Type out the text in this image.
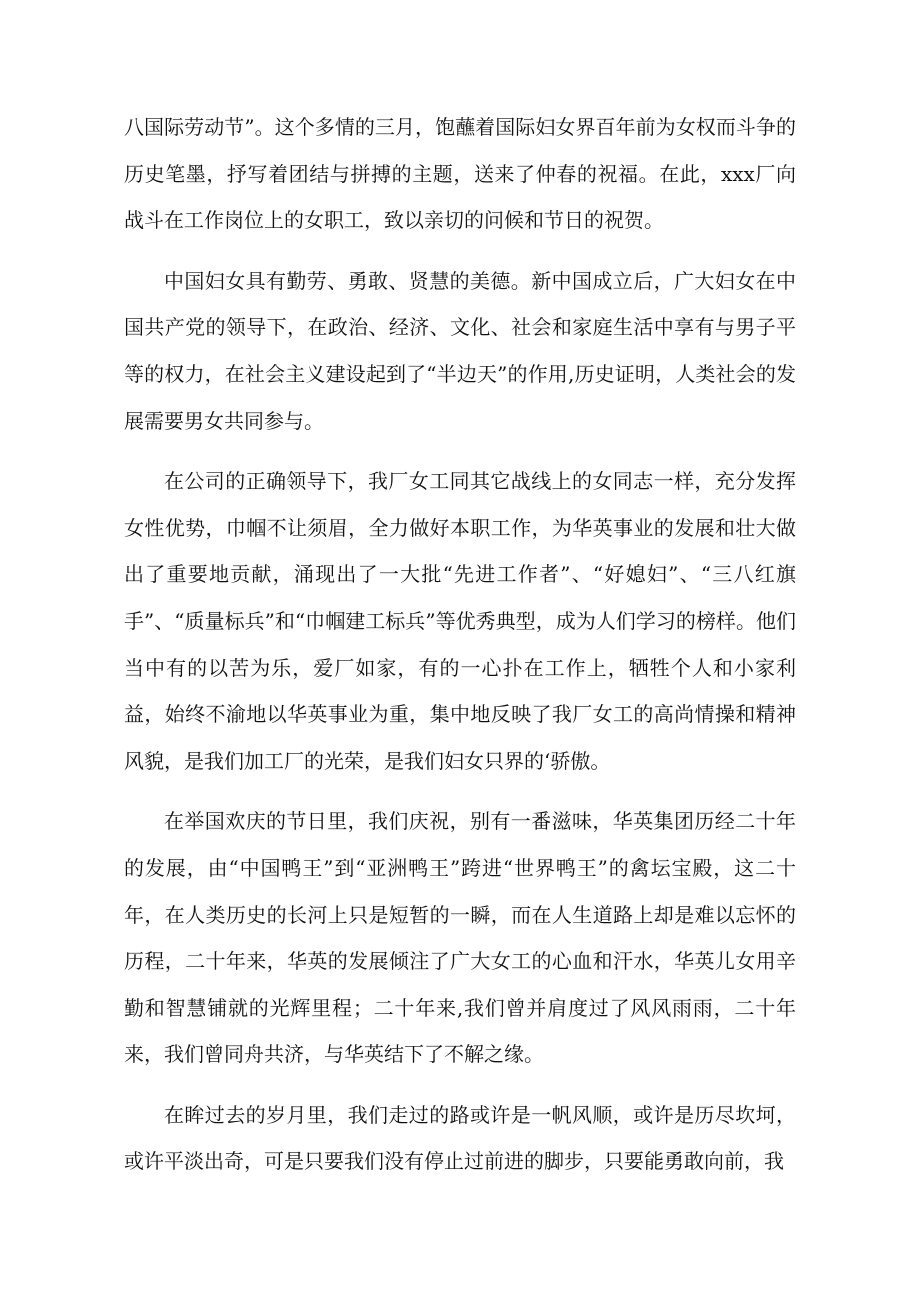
八国际劳动节”。这个多情的三月，饱蘸着国际妇女界百年前为女权而斗争的历史笔墨，抒写着团结与拼搏的主题，送来了仲春的祝福。在此，xxx厂向战斗在工作岗位上的女职工，致以亲切的问候和节日的祝贺。

中国妇女具有勤劳、勇敢、贤慧的美德。新中国成立后，广大妇女在中国共产党的领导下，在政治、经济、文化、社会和家庭生活中享有与男子平等的权力，在社会主义建设起到了“半边天”的作用,历史证明，人类社会的发展需要男女共同参与。

在公司的正确领导下，我厂女工同其它战线上的女同志一样，充分发挥女性优势，巾帼不让须眉，全力做好本职工作，为华英事业的发展和壮大做出了重要地贡献，涌现出了一大批“先进工作者”、“好媳妇”、“三八红旗手”、“质量标兵”和“巾帼建工标兵”等优秀典型，成为人们学习的榜样。他们当中有的以苦为乐，爱厂如家，有的一心扑在工作上，牺牲个人和小家利益，始终不渝地以华英事业为重，集中地反映了我厂女工的高尚情操和精神风貌，是我们加工厂的光荣，是我们妇女只界的‘骄傲。

在举国欢庆的节日里，我们庆祝，别有一番滋味，华英集团历经二十年的发展，由“中国鸭王”到“亚洲鸭王”跨进“世界鸭王”的禽坛宝殿，这二十年，在人类历史的长河上只是短暂的一瞬，而在人生道路上却是难以忘怀的历程，二十年来，华英的发展倾注了广大女工的心血和汗水，华英儿女用辛勤和智慧铺就的光辉里程；二十年来,我们曾并肩度过了风风雨雨，二十年来，我们曾同舟共济，与华英结下了不解之缘。

在眸过去的岁月里，我们走过的路或许是一帆风顺，或许是历尽坎坷，或许平淡出奇，可是只要我们没有停止过前进的脚步，只要能勇敢向前，我
